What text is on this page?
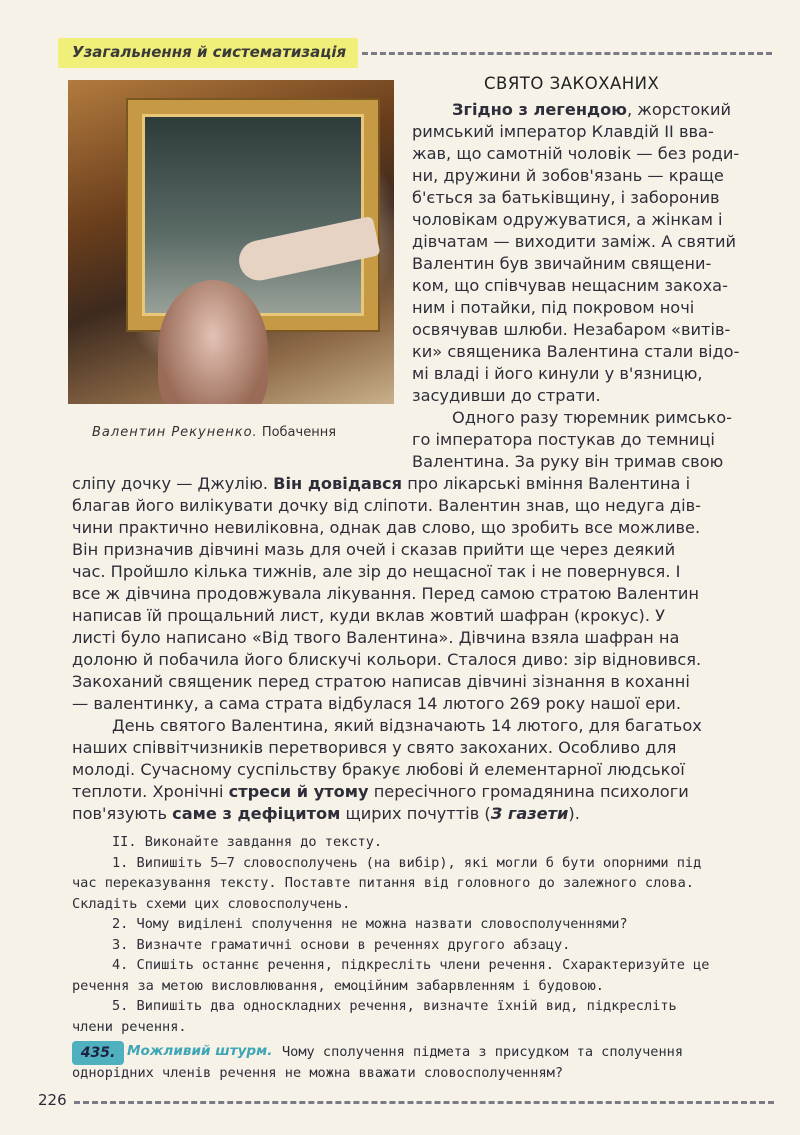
Узагальнення й систематизація
Валентин Рекуненко. Побачення
СВЯТО ЗАКОХАНИХ
Згідно з легендою, жорстокий
римський імператор Клавдій II вва-
жав, що самотній чоловік — без роди-
ни, дружини й зобов'язань — краще
б'ється за батьківщину, і заборонив
чоловікам одружуватися, а жінкам і
дівчатам — виходити заміж. А святий
Валентин був звичайним священи-
ком, що співчував нещасним закоха-
ним і потайки, під покровом ночі
освячував шлюби. Незабаром «витів-
ки» священика Валентина стали відо-
мі владі і його кинули у в'язницю,
засудивши до страти.
Одного разу тюремник римсько-
го імператора постукав до темниці
Валентина. За руку він тримав свою
сліпу дочку — Джулію. Він довідався про лікарські вміння Валентина і
благав його вилікувати дочку від сліпоти. Валентин знав, що недуга дів-
чини практично невиліковна, однак дав слово, що зробить все можливе.
Він призначив дівчині мазь для очей і сказав прийти ще через деякий
час. Пройшло кілька тижнів, але зір до нещасної так і не повернувся. І
все ж дівчина продовжувала лікування. Перед самою стратою Валентин
написав їй прощальний лист, куди вклав жовтий шафран (крокус). У
листі було написано «Від твого Валентина». Дівчина взяла шафран на
долоню й побачила його блискучі кольори. Сталося диво: зір відновився.
Закоханий священик перед стратою написав дівчині зізнання в коханні
— валентинку, а сама страта відбулася 14 лютого 269 року нашої ери.
День святого Валентина, який відзначають 14 лютого, для багатьох
наших співвітчизників перетворився у свято закоханих. Особливо для
молоді. Сучасному суспільству бракує любові й елементарної людської
теплоти. Хронічні стреси й утому пересічного громадянина психологи
пов'язують саме з дефіцитом щирих почуттів (З газети).
II. Виконайте завдання до тексту.
1. Випишіть 5–7 словосполучень (на вибір), які могли б бути опорними під
час переказування тексту. Поставте питання від головного до залежного слова.
Складіть схеми цих словосполучень.
2. Чому виділені сполучення не можна назвати словосполученнями?
3. Визначте граматичні основи в реченнях другого абзацу.
4. Спишіть останнє речення, підкресліть члени речення. Схарактеризуйте це
речення за метою висловлювання, емоційним забарвленням і будовою.
5. Випишіть два односкладних речення, визначте їхній вид, підкресліть
члени речення.
435. Можливий штурм. Чому сполучення підмета з присудком та сполучення
однорідних членів речення не можна вважати словосполученням?
226
